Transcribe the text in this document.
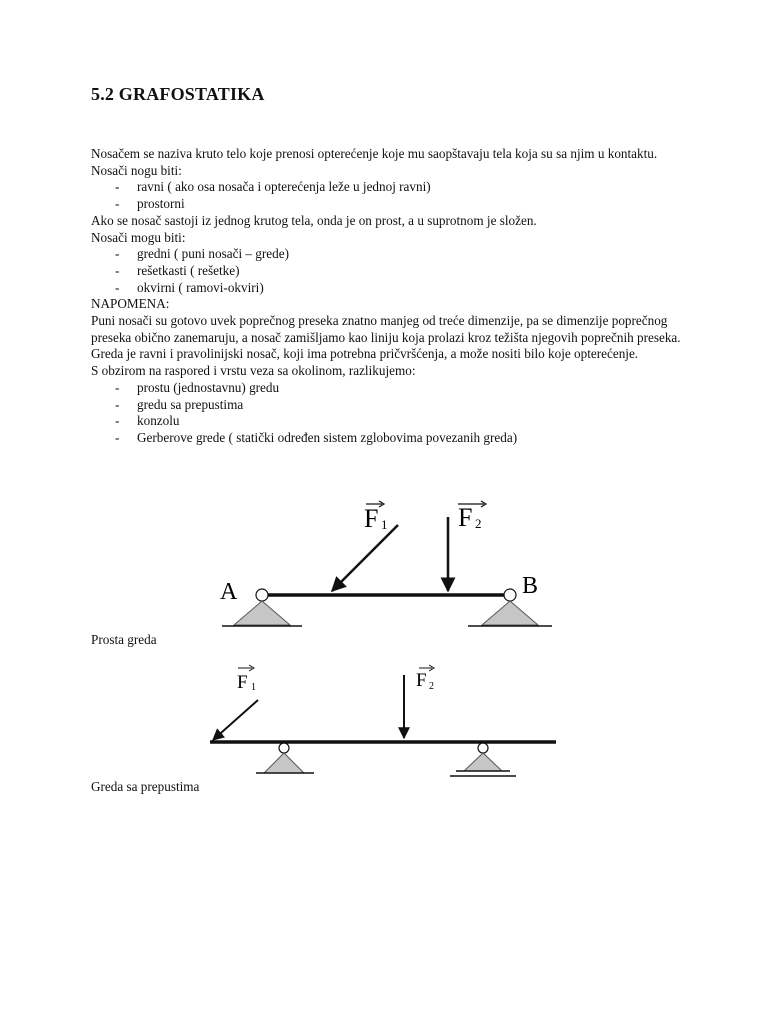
5.2 GRAFOSTATIKA

Nosačem se naziva kruto telo koje prenosi opterećenje koje mu saopštavaju tela koja su sa njim u kontaktu.

Nosači nogu biti:

- ravni ( ako osa nosača i opterećenja leže u jednoj ravni)
- prostorni

Ako se nosač sastoji iz jednog krutog tela, onda je on prost, a u suprotnom je složen.

Nosači mogu biti:

- gredni ( puni nosači – grede)
- rešetkasti ( rešetke)
- okvirni ( ramovi-okviri)

NAPOMENA:

Puni nosači su gotovo uvek poprečnog preseka znatno manjeg od treće dimenzije, pa se dimenzije poprečnog preseka obično zanemaruju, a nosač zamišljamo kao liniju koja prolazi kroz težišta njegovih poprečnih preseka.

Greda je ravni i pravolinijski nosač, koji ima potrebna pričvršćenja, a može nositi bilo koje opterećenje.

S obzirom na raspored i vrstu veza sa okolinom, razlikujemo:

- prostu (jednostavnu) gredu
- gredu sa prepustima
- konzolu
- Gerberove grede ( statički određen sistem zglobovima povezanih greda)
A	B
F 1	F 2
Prosta greda
F 1	F 2
Greda sa prepustima
